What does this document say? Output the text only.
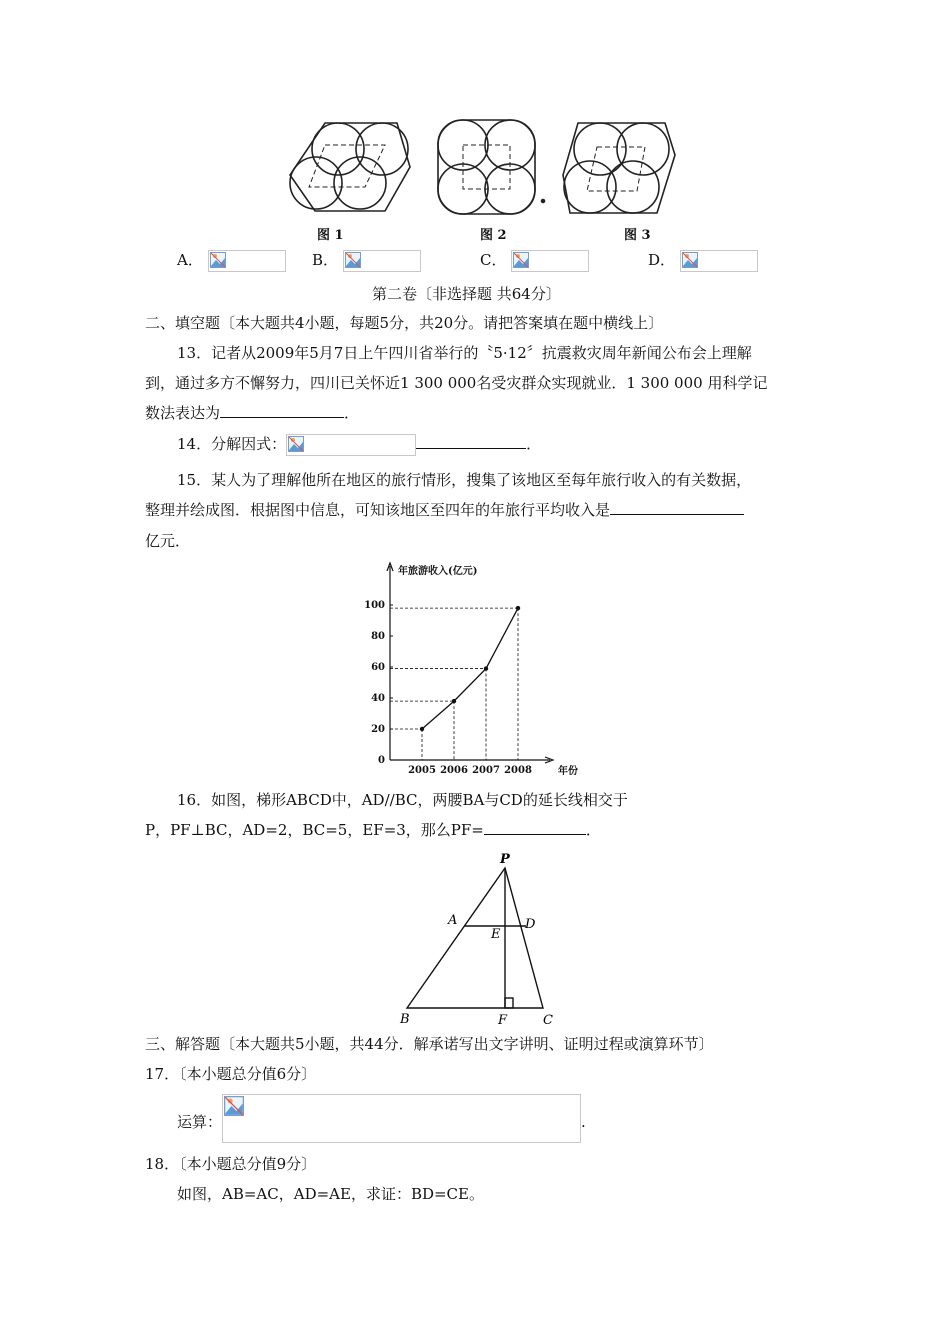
图 1	图 2	图 3
A．	B．	C．	D．
第二卷〔非选择题 共64分〕
二、填空题〔本大题共4小题，每题5分，共20分。请把答案填在题中横线上〕
13．记者从2009年5月7日上午四川省举行的〝5·12〞抗震救灾周年新闻公布会上理解
到，通过多方不懈努力，四川已关怀近1 300 000名受灾群众实现就业．1 300 000 用科学记
数法表达为	．
14．分解因式：	．
15．某人为了理解他所在地区的旅行情形，搜集了该地区至每年旅行收入的有关数据，
整理并绘成图．根据图中信息，可知该地区至四年的年旅行平均收入是
亿元．
年旅游收入(亿元)
年份
0
20
40
60
80
100
2005 2006 2007 2008
16．如图，梯形ABCD中，AD//BC，两腰BA与CD的延长线相交于
P，PF⊥BC，AD=2，BC=5，EF=3，那么PF=	．
P
A	D
E
B	F	C
三、解答题〔本大题共5小题，共44分．解承诺写出文字讲明、证明过程或演算环节〕
17．〔本小题总分值6分〕
运算：	.
18．〔本小题总分值9分〕
如图，AB=AC，AD=AE，求证：BD=CE。
